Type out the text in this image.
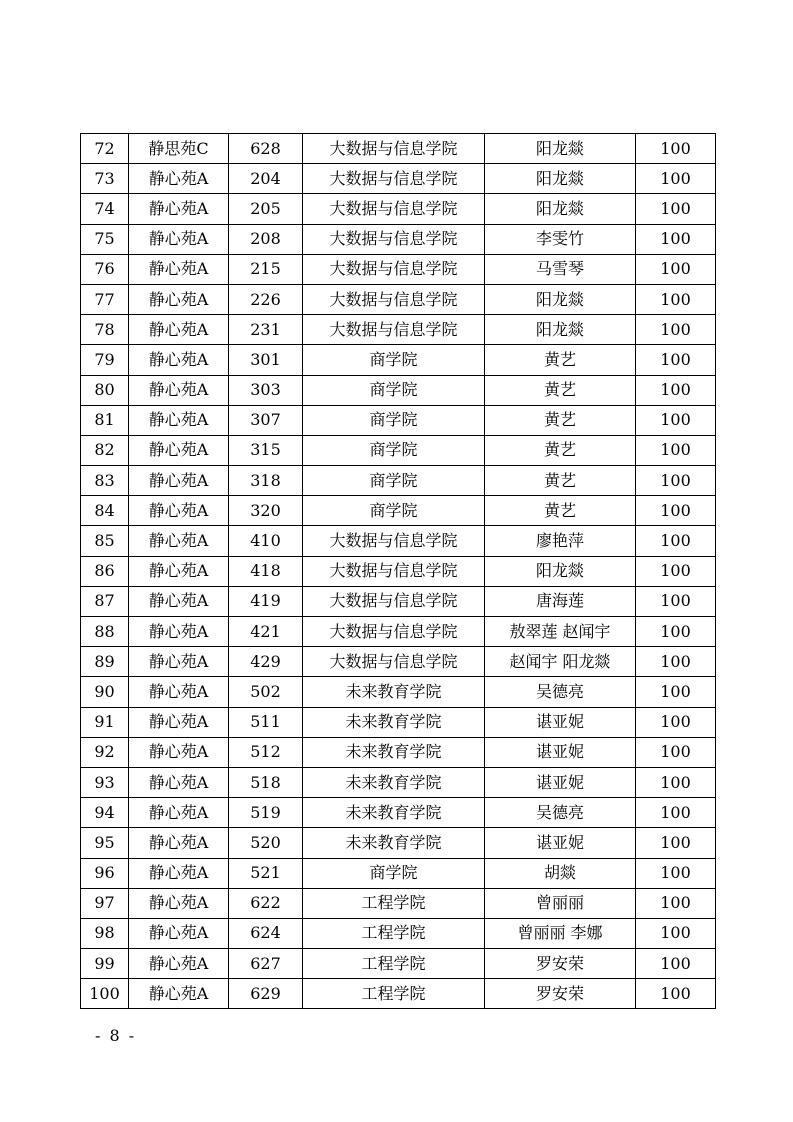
72	静思苑C	628	大数据与信息学院	阳龙燚	100
73	静心苑A	204	大数据与信息学院	阳龙燚	100
74	静心苑A	205	大数据与信息学院	阳龙燚	100
75	静心苑A	208	大数据与信息学院	李雯竹	100
76	静心苑A	215	大数据与信息学院	马雪琴	100
77	静心苑A	226	大数据与信息学院	阳龙燚	100
78	静心苑A	231	大数据与信息学院	阳龙燚	100
79	静心苑A	301	商学院	黄艺	100
80	静心苑A	303	商学院	黄艺	100
81	静心苑A	307	商学院	黄艺	100
82	静心苑A	315	商学院	黄艺	100
83	静心苑A	318	商学院	黄艺	100
84	静心苑A	320	商学院	黄艺	100
85	静心苑A	410	大数据与信息学院	廖艳萍	100
86	静心苑A	418	大数据与信息学院	阳龙燚	100
87	静心苑A	419	大数据与信息学院	唐海莲	100
88	静心苑A	421	大数据与信息学院	敖翠莲 赵闻宇	100
89	静心苑A	429	大数据与信息学院	赵闻宇 阳龙燚	100
90	静心苑A	502	未来教育学院	吴德亮	100
91	静心苑A	511	未来教育学院	谌亚妮	100
92	静心苑A	512	未来教育学院	谌亚妮	100
93	静心苑A	518	未来教育学院	谌亚妮	100
94	静心苑A	519	未来教育学院	吴德亮	100
95	静心苑A	520	未来教育学院	谌亚妮	100
96	静心苑A	521	商学院	胡燚	100
97	静心苑A	622	工程学院	曾丽丽	100
98	静心苑A	624	工程学院	曾丽丽 李娜	100
99	静心苑A	627	工程学院	罗安荣	100
100	静心苑A	629	工程学院	罗安荣	100
- 8 -
